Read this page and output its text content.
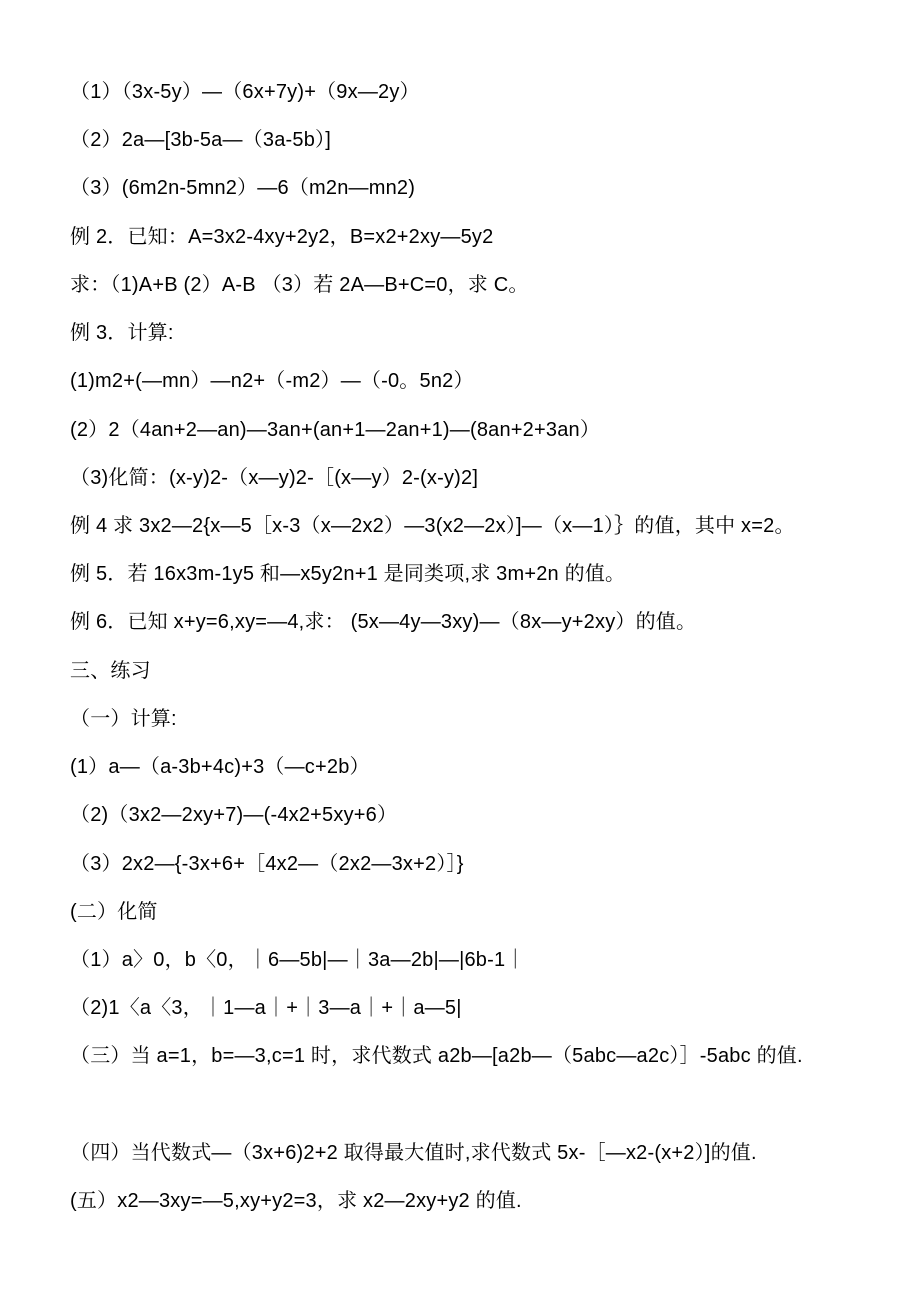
（1）（3x-5y）—（6x+7y)+（9x—2y）
（2）2a—[3b-5a—（3a-5b）]
（3）(6m2n-5mn2）—6（m2n—mn2)
例 2．已知：A=3x2-4xy+2y2，B=x2+2xy—5y2
求：（1)A+B (2）A-B （3）若 2A—B+C=0，求 C。
例 3．计算:
(1)m2+(—mn）—n2+（-m2）—（-0。5n2）
(2）2（4an+2—an)—3an+(an+1—2an+1)—(8an+2+3an）
（3)化简：(x-y)2-（x—y)2-［(x—y）2-(x-y)2]
例 4 求 3x2—2{x—5［x-3（x—2x2）—3(x2—2x）]—（x—1）｝的值，其中 x=2。
例 5．若 16x3m-1y5 和—x5y2n+1 是同类项,求 3m+2n 的值。
例 6．已知 x+y=6,xy=—4,求： (5x—4y—3xy)—（8x—y+2xy）的值。
三、练习
（一）计算:
(1）a—（a-3b+4c)+3（—c+2b）
（2)（3x2—2xy+7)—(-4x2+5xy+6）
（3）2x2—{-3x+6+［4x2—（2x2—3x+2）］}
(二）化简
（1）a〉0，b〈0，｜6—5b|—｜3a—2b|—|6b-1｜
（2)1〈a〈3，｜1—a｜+｜3—a｜+｜a—5|
（三）当 a=1，b=—3,c=1 时，求代数式 a2b—[a2b—（5abc—a2c）］-5abc 的值.
（四）当代数式—（3x+6)2+2 取得最大值时,求代数式 5x-［—x2-(x+2）]的值.
(五）x2—3xy=—5,xy+y2=3，求 x2—2xy+y2 的值.
